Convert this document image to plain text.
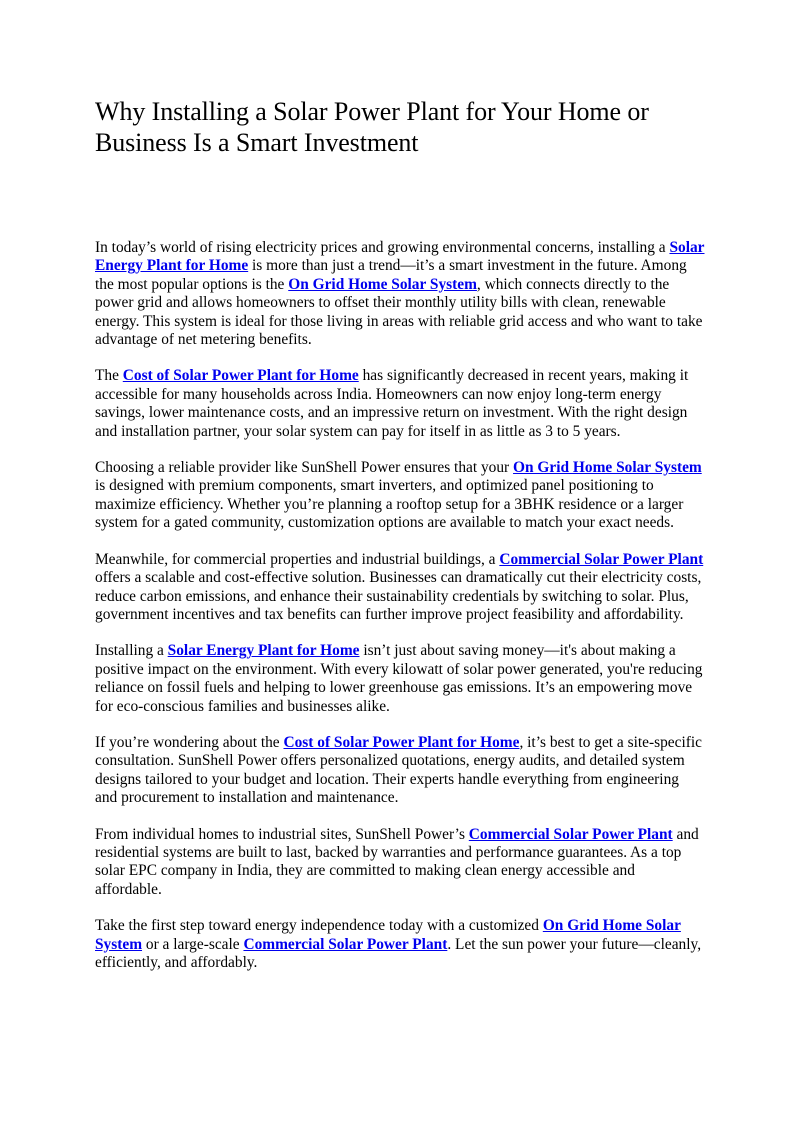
Why Installing a Solar Power Plant for Your Home or Business Is a Smart Investment

In today’s world of rising electricity prices and growing environmental concerns, installing a Solar Energy Plant for Home is more than just a trend—it’s a smart investment in the future. Among the most popular options is the On Grid Home Solar System, which connects directly to the power grid and allows homeowners to offset their monthly utility bills with clean, renewable energy. This system is ideal for those living in areas with reliable grid access and who want to take advantage of net metering benefits.

The Cost of Solar Power Plant for Home has significantly decreased in recent years, making it accessible for many households across India. Homeowners can now enjoy long-term energy savings, lower maintenance costs, and an impressive return on investment. With the right design and installation partner, your solar system can pay for itself in as little as 3 to 5 years.

Choosing a reliable provider like SunShell Power ensures that your On Grid Home Solar System is designed with premium components, smart inverters, and optimized panel positioning to maximize efficiency. Whether you’re planning a rooftop setup for a 3BHK residence or a larger system for a gated community, customization options are available to match your exact needs.

Meanwhile, for commercial properties and industrial buildings, a Commercial Solar Power Plant offers a scalable and cost-effective solution. Businesses can dramatically cut their electricity costs, reduce carbon emissions, and enhance their sustainability credentials by switching to solar. Plus, government incentives and tax benefits can further improve project feasibility and affordability.

Installing a Solar Energy Plant for Home isn’t just about saving money—it's about making a positive impact on the environment. With every kilowatt of solar power generated, you're reducing reliance on fossil fuels and helping to lower greenhouse gas emissions. It’s an empowering move for eco-conscious families and businesses alike.

If you’re wondering about the Cost of Solar Power Plant for Home, it’s best to get a site-specific consultation. SunShell Power offers personalized quotations, energy audits, and detailed system designs tailored to your budget and location. Their experts handle everything from engineering and procurement to installation and maintenance.

From individual homes to industrial sites, SunShell Power’s Commercial Solar Power Plant and residential systems are built to last, backed by warranties and performance guarantees. As a top solar EPC company in India, they are committed to making clean energy accessible and affordable.

Take the first step toward energy independence today with a customized On Grid Home Solar System or a large-scale Commercial Solar Power Plant. Let the sun power your future—cleanly, efficiently, and affordably.
